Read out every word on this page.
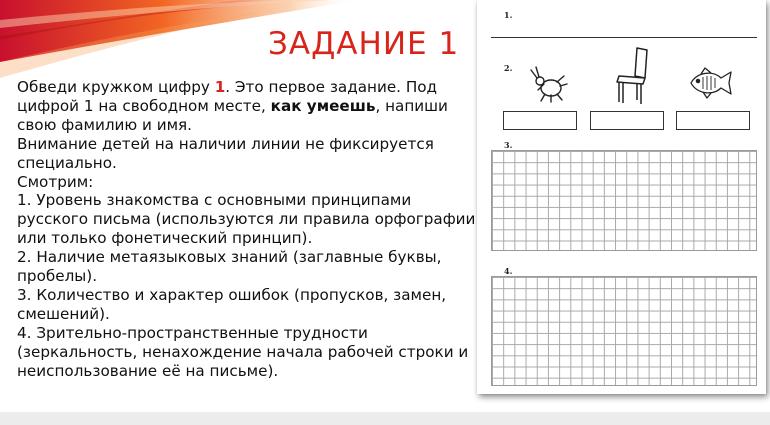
ЗАДАНИЕ 1

Обведи кружком цифру 1. Это первое задание. Под цифрой 1 на свободном месте, как умеешь, напиши свою фамилию и имя.

Внимание детей на наличии линии не фиксируется специально.

Смотрим:

1. Уровень знакомства с основными принципами русского письма (используются ли правила орфографии или только фонетический принцип).

2. Наличие метаязыковых знаний (заглавные буквы, пробелы).

3. Количество и характер ошибок (пропусков, замен, смешений).

4. Зрительно-пространственные трудности (зеркальность, ненахождение начала рабочей строки и неиспользование её на письме).

1.
2.
3.
4.
